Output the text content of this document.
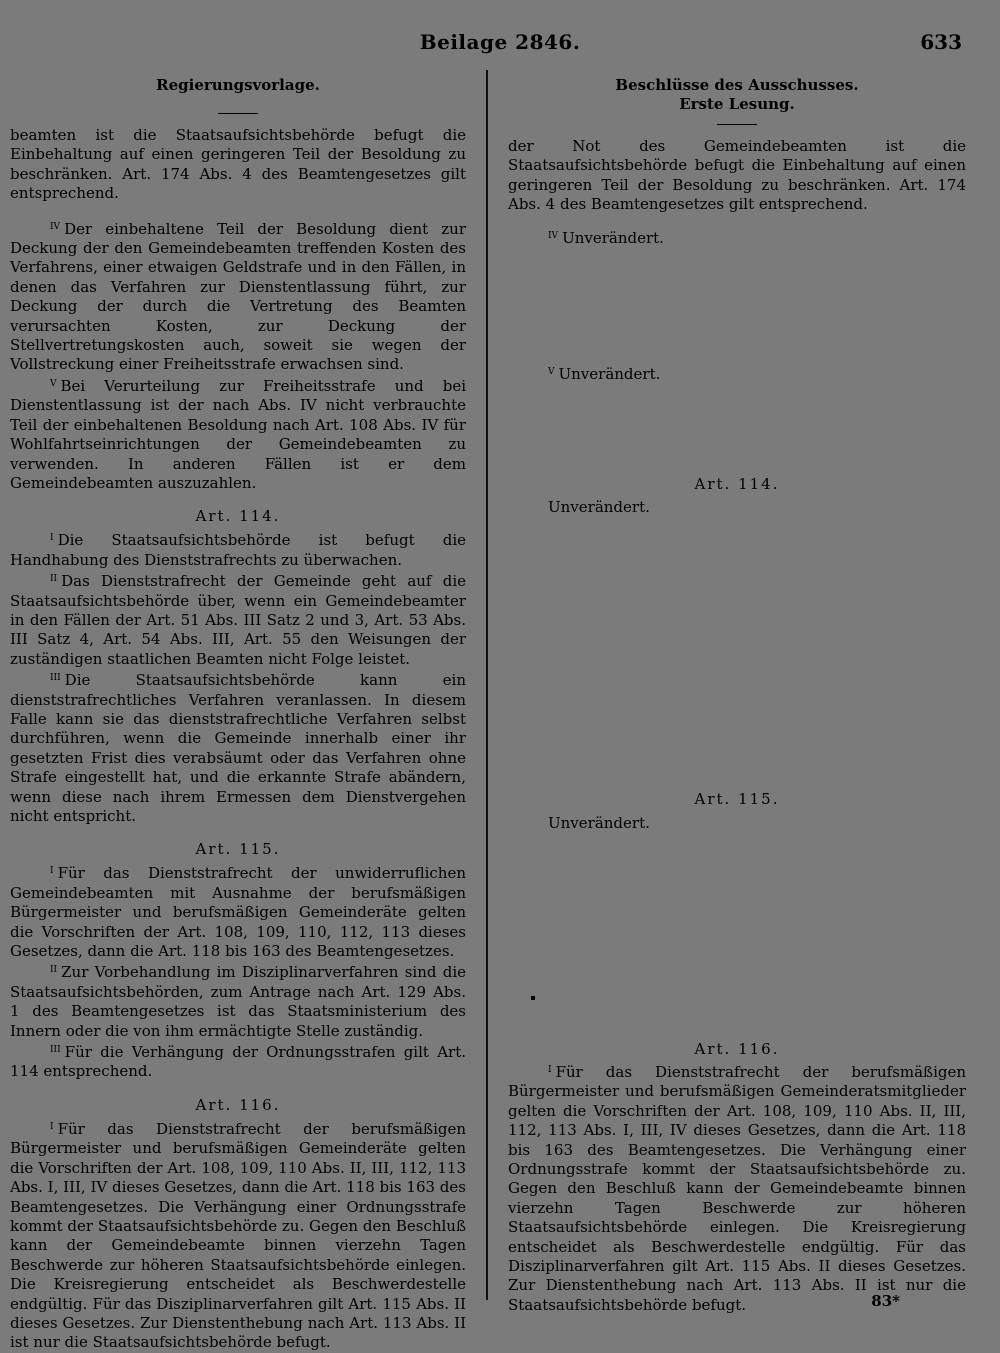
Beilage 2846.	633

Regierungsvorlage.

beamten ist die Staatsaufsichtsbehörde befugt die Einbehaltung auf einen geringeren Teil der Besoldung zu beschränken. Art. 174 Abs. 4 des Beamtengesetzes gilt entsprechend.

$^{IV}$ Der einbehaltene Teil der Besoldung dient zur Deckung der den Gemeindebeamten treffenden Kosten des Verfahrens, einer etwaigen Geldstrafe und in den Fällen, in denen das Verfahren zur Dienstentlassung führt, zur Deckung der durch die Vertretung des Beamten verursachten Kosten, zur Deckung der Stellvertretungskosten auch, soweit sie wegen der Vollstreckung einer Freiheitsstrafe erwachsen sind.

$^V$ Bei Verurteilung zur Freiheitsstrafe und bei Dienstentlassung ist der nach Abs. IV nicht verbrauchte Teil der einbehaltenen Besoldung nach Art. 108 Abs. IV für Wohlfahrtseinrichtungen der Gemeindebeamten zu verwenden. In anderen Fällen ist er dem Gemeindebeamten auszuzahlen.

Art. 114.

$^I$ Die Staatsaufsichtsbehörde ist befugt die Handhabung des Dienststrafrechts zu überwachen.

$^{II}$ Das Dienststrafrecht der Gemeinde geht auf die Staatsaufsichtsbehörde über, wenn ein Gemeindebeamter in den Fällen der Art. 51 Abs. III Satz 2 und 3, Art. 53 Abs. III Satz 4, Art. 54 Abs. III, Art. 55 den Weisungen der zuständigen staatlichen Beamten nicht Folge leistet.

$^{III}$ Die Staatsaufsichtsbehörde kann ein dienststrafrechtliches Verfahren veranlassen. In diesem Falle kann sie das dienststrafrechtliche Verfahren selbst durchführen, wenn die Gemeinde innerhalb einer ihr gesetzten Frist dies verabsäumt oder das Verfahren ohne Strafe eingestellt hat, und die erkannte Strafe abändern, wenn diese nach ihrem Ermessen dem Dienstvergehen nicht entspricht.

Art. 115.

$^I$ Für das Dienststrafrecht der unwiderruflichen Gemeindebeamten mit Ausnahme der berufsmäßigen Bürgermeister und berufsmäßigen Gemeinderäte gelten die Vorschriften der Art. 108, 109, 110, 112, 113 dieses Gesetzes, dann die Art. 118 bis 163 des Beamtengesetzes.

$^{II}$ Zur Vorbehandlung im Disziplinarverfahren sind die Staatsaufsichtsbehörden, zum Antrage nach Art. 129 Abs. 1 des Beamtengesetzes ist das Staatsministerium des Innern oder die von ihm ermächtigte Stelle zuständig.

$^{III}$ Für die Verhängung der Ordnungsstrafen gilt Art. 114 entsprechend.

Art. 116.

$^I$ Für das Dienststrafrecht der berufsmäßigen Bürgermeister und berufsmäßigen Gemeinderäte gelten die Vorschriften der Art. 108, 109, 110 Abs. II, III, 112, 113 Abs. I, III, IV dieses Gesetzes, dann die Art. 118 bis 163 des Beamtengesetzes. Die Verhängung einer Ordnungsstrafe kommt der Staatsaufsichtsbehörde zu. Gegen den Beschluß kann der Gemeindebeamte binnen vierzehn Tagen Beschwerde zur höheren Staatsaufsichtsbehörde einlegen. Die Kreisregierung entscheidet als Beschwerdestelle endgültig. Für das Disziplinarverfahren gilt Art. 115 Abs. II dieses Gesetzes. Zur Dienstenthebung nach Art. 113 Abs. II ist nur die Staatsaufsichtsbehörde befugt.

Beschlüsse des Ausschusses.

Erste Lesung.

der Not des Gemeindebeamten ist die Staatsaufsichtsbehörde befugt die Einbehaltung auf einen geringeren Teil der Besoldung zu beschränken. Art. 174 Abs. 4 des Beamtengesetzes gilt entsprechend.

$^{IV}$ Unverändert.
$^V$ Unverändert.
Art. 114.
Unverändert.
Art. 115.
Unverändert.
Art. 116.

$^I$ Für das Dienststrafrecht der berufsmäßigen Bürgermeister und berufsmäßigen Gemeinderatsmitglieder gelten die Vorschriften der Art. 108, 109, 110 Abs. II, III, 112, 113 Abs. I, III, IV dieses Gesetzes, dann die Art. 118 bis 163 des Beamtengesetzes. Die Verhängung einer Ordnungsstrafe kommt der Staatsaufsichtsbehörde zu. Gegen den Beschluß kann der Gemeindebeamte binnen vierzehn Tagen Beschwerde zur höheren Staatsaufsichtsbehörde einlegen. Die Kreisregierung entscheidet als Beschwerdestelle endgültig. Für das Disziplinarverfahren gilt Art. 115 Abs. II dieses Gesetzes. Zur Dienstenthebung nach Art. 113 Abs. II ist nur die Staatsaufsichtsbehörde befugt.	83*
